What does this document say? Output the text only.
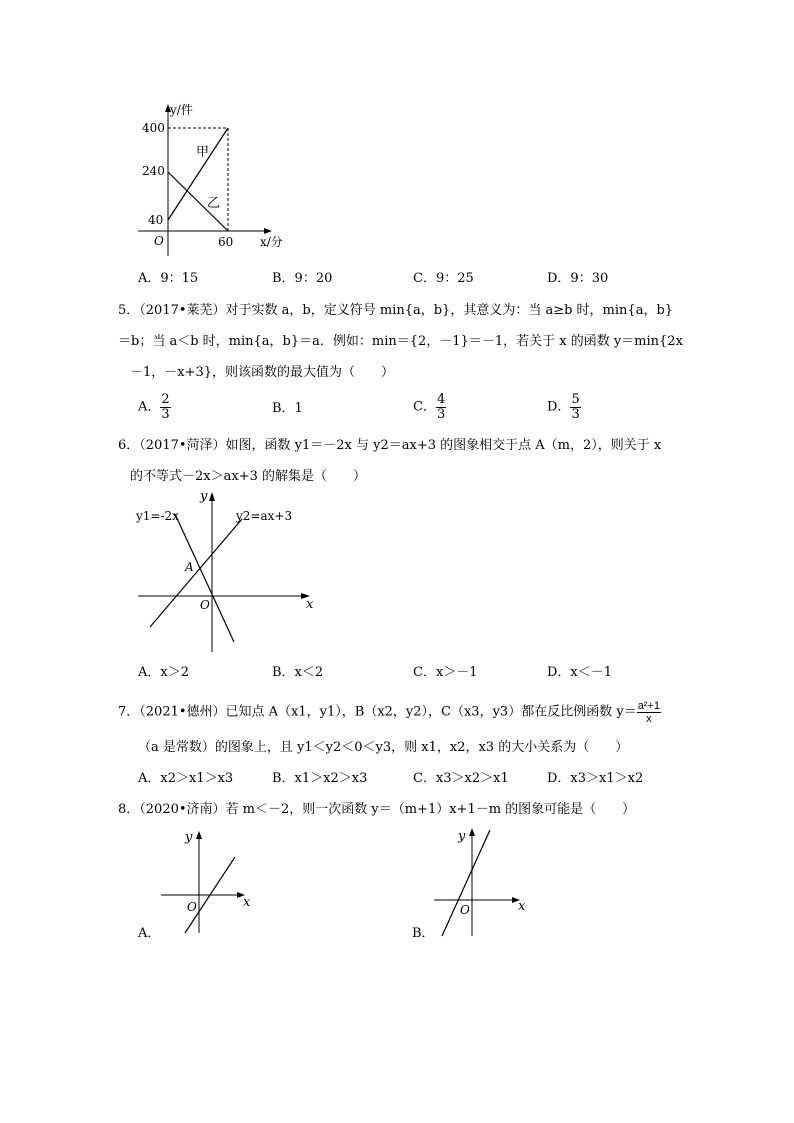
y/件
400
240
40
O	60 x/分
甲
乙
A．9：15	B．9：20	C．9：25	D．9：30
5．（2017•莱芜）对于实数 a，b，定义符号 min{a，b}，其意义为：当 a≥b 时，min{a，b}
＝b；当 a＜b 时，min{a，b}＝a．例如：min＝{2，－1}＝－1，若关于 x 的函数 y＝min{2x
－1，－x+3}，则该函数的最大值为（　　）
A． $\frac{2}{3}$	B．1	C． $\frac{4}{3}$	D． $\frac{5}{3}$
6．（2017•菏泽）如图，函数 y1＝－2x 与 y2＝ax+3 的图象相交于点 A（m，2），则关于 x
的不等式－2x＞ax+3 的解集是（　　）
y
x
O
A
y1=-2x	y2=ax+3
A．x＞2	B．x＜2	C．x＞－1	D．x＜－1
7．（2021•德州）已知点 A（x1，y1），B（x2，y2），C（x3，y3）都在反比例函数 $y= \frac{\text{a²+1}}{x}$
（a 是常数）的图象上，且 y1＜y2＜0＜y3，则 x1，x2，x3 的大小关系为（　　）
A．x2＞x1＞x3	B．x1＞x2＞x3	C．x3＞x2＞x1	D．x3＞x1＞x2
8．（2020•济南）若 m＜－2，则一次函数 y＝（m+1）x+1－m 的图象可能是（　　）
A．
y
x
O
B．
y
x
O
